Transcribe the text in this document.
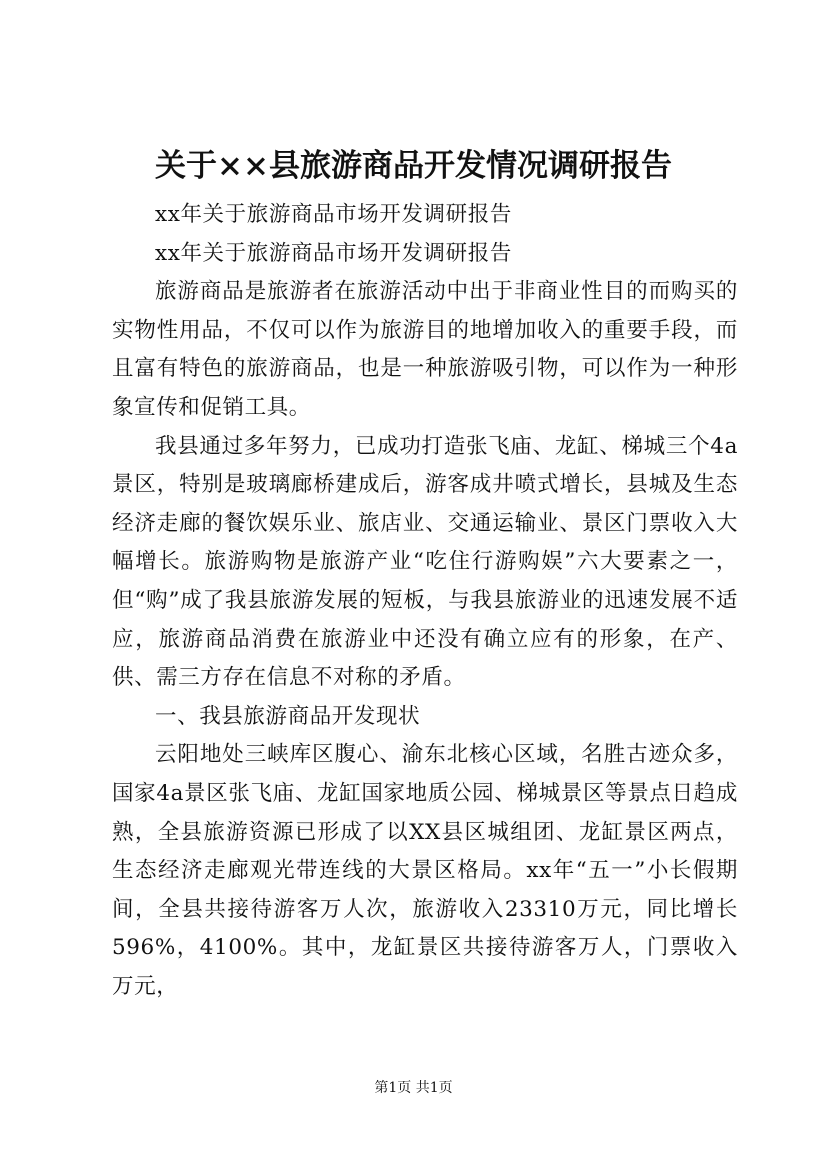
关于××县旅游商品开发情况调研报告

xx年关于旅游商品市场开发调研报告

xx年关于旅游商品市场开发调研报告

旅游商品是旅游者在旅游活动中出于非商业性目的而购买的实物性用品，不仅可以作为旅游目的地增加收入的重要手段，而且富有特色的旅游商品，也是一种旅游吸引物，可以作为一种形象宣传和促销工具。

我县通过多年努力，已成功打造张飞庙、龙缸、梯城三个4a景区，特别是玻璃廊桥建成后，游客成井喷式增长，县城及生态经济走廊的餐饮娱乐业、旅店业、交通运输业、景区门票收入大幅增长。旅游购物是旅游产业“吃住行游购娱”六大要素之一，但“购”成了我县旅游发展的短板，与我县旅游业的迅速发展不适应，旅游商品消费在旅游业中还没有确立应有的形象，在产、供、需三方存在信息不对称的矛盾。

一、我县旅游商品开发现状

云阳地处三峡库区腹心、渝东北核心区域，名胜古迹众多，国家4a景区张飞庙、龙缸国家地质公园、梯城景区等景点日趋成熟，全县旅游资源已形成了以XX县区城组团、龙缸景区两点，生态经济走廊观光带连线的大景区格局。xx年“五一”小长假期间，全县共接待游客万人次，旅游收入23310万元，同比增长596%，4100%。其中，龙缸景区共接待游客万人，门票收入万元，

第1页 共1页
